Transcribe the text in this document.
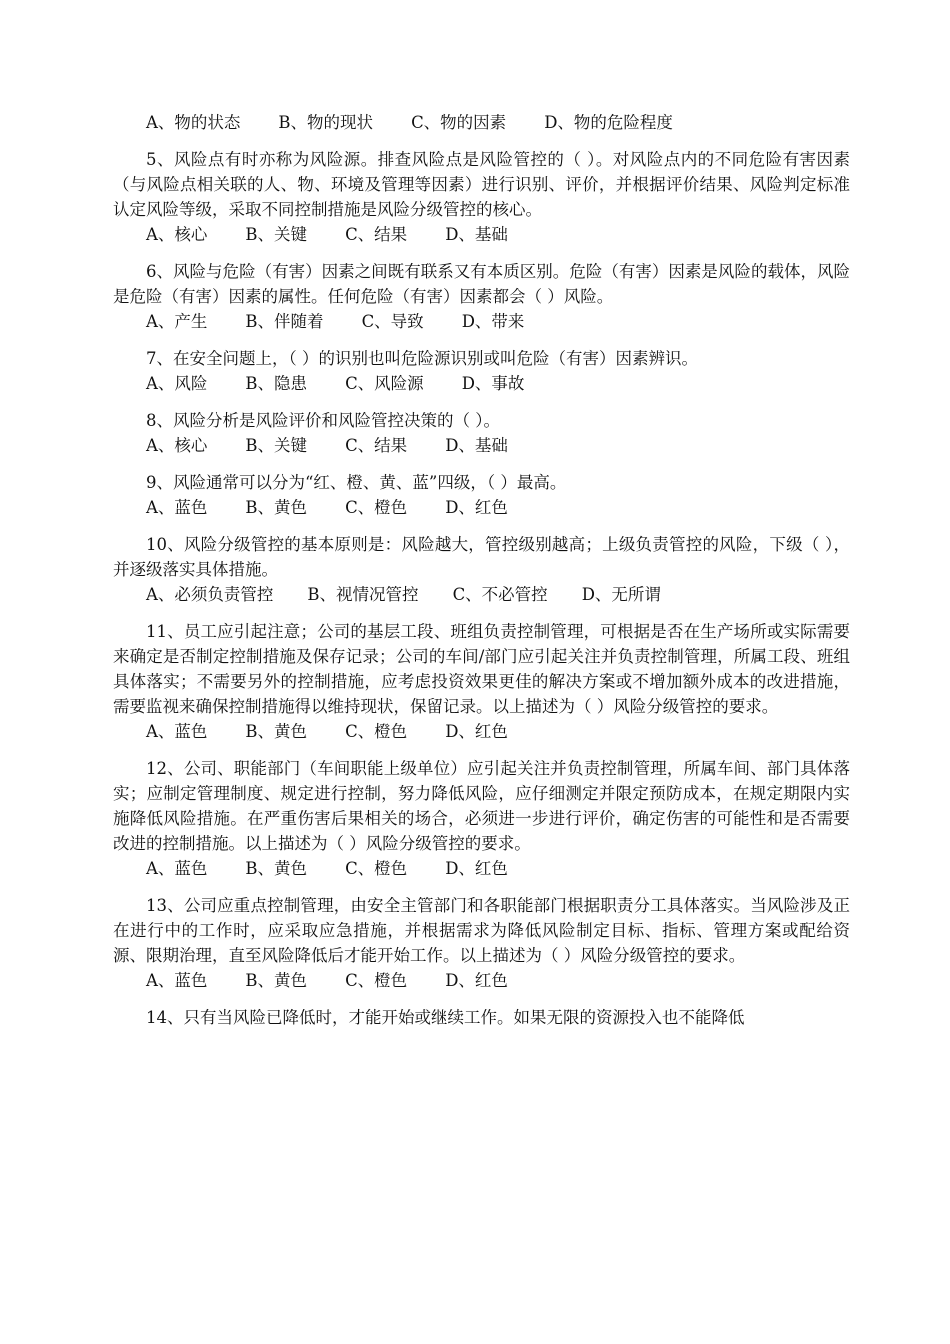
A、物的状态 B、物的现状 C、物的因素 D、物的危险程度

5、风险点有时亦称为风险源。排查风险点是风险管控的（ ）。对风险点内的不同危险有害因素（与风险点相关联的人、物、环境及管理等因素）进行识别、评价，并根据评价结果、风险判定标准认定风险等级，采取不同控制措施是风险分级管控的核心。

A、核心 B、关键 C、结果 D、基础

6、风险与危险（有害）因素之间既有联系又有本质区别。危险（有害）因素是风险的载体，风险是危险（有害）因素的属性。任何危险（有害）因素都会（ ）风险。

A、产生 B、伴随着 C、导致 D、带来

7、在安全问题上，（ ）的识别也叫危险源识别或叫危险（有害）因素辨识。

A、风险 B、隐患 C、风险源 D、事故

8、风险分析是风险评价和风险管控决策的（ ）。

A、核心 B、关键 C、结果 D、基础

9、风险通常可以分为“红、橙、黄、蓝”四级，（ ）最高。

A、蓝色 B、黄色 C、橙色 D、红色

10、风险分级管控的基本原则是：风险越大，管控级别越高；上级负责管控的风险，下级（ ），并逐级落实具体措施。

A、必须负责管控 B、视情况管控 C、不必管控 D、无所谓

11、员工应引起注意；公司的基层工段、班组负责控制管理，可根据是否在生产场所或实际需要来确定是否制定控制措施及保存记录；公司的车间/部门应引起关注并负责控制管理，所属工段、班组具体落实；不需要另外的控制措施，应考虑投资效果更佳的解决方案或不增加额外成本的改进措施，需要监视来确保控制措施得以维持现状，保留记录。以上描述为（ ）风险分级管控的要求。

A、蓝色 B、黄色 C、橙色 D、红色

12、公司、职能部门（车间职能上级单位）应引起关注并负责控制管理，所属车间、部门具体落实；应制定管理制度、规定进行控制，努力降低风险，应仔细测定并限定预防成本，在规定期限内实施降低风险措施。在严重伤害后果相关的场合，必须进一步进行评价，确定伤害的可能性和是否需要改进的控制措施。以上描述为（ ）风险分级管控的要求。

A、蓝色 B、黄色 C、橙色 D、红色

13、公司应重点控制管理，由安全主管部门和各职能部门根据职责分工具体落实。当风险涉及正在进行中的工作时，应采取应急措施，并根据需求为降低风险制定目标、指标、管理方案或配给资源、限期治理，直至风险降低后才能开始工作。以上描述为（ ）风险分级管控的要求。

A、蓝色 B、黄色 C、橙色 D、红色

14、只有当风险已降低时，才能开始或继续工作。如果无限的资源投入也不能降低
